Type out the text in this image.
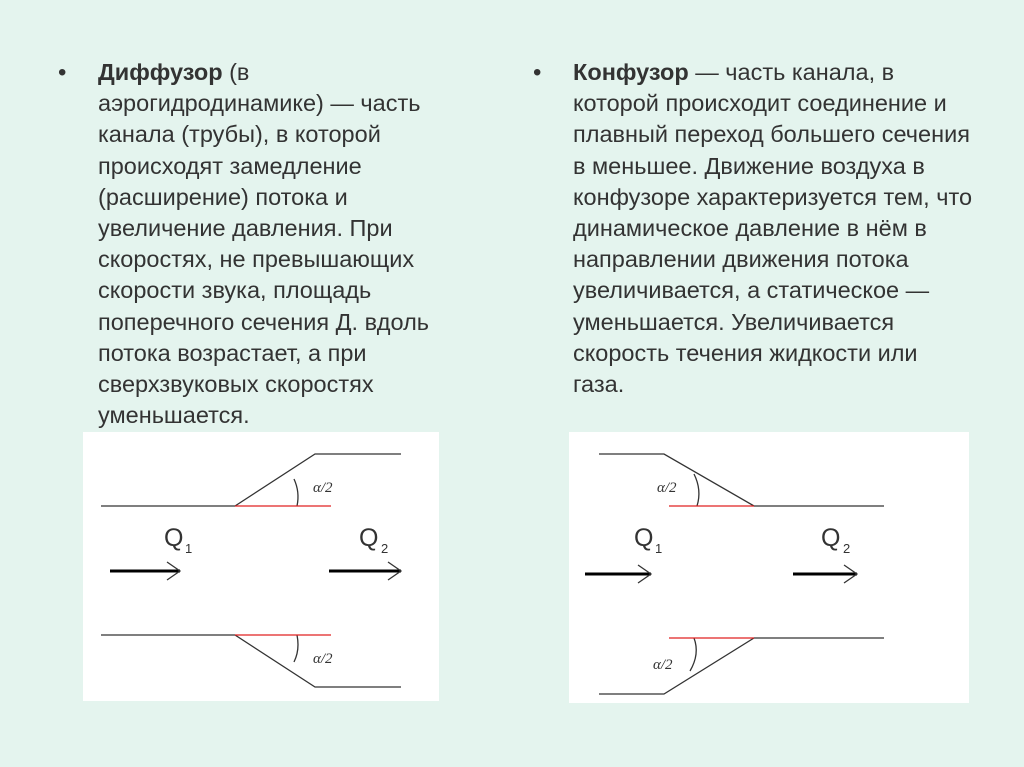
• Диффузор (в аэрогидродинамике) — часть канала (трубы), в которой происходят замедление (расширение) потока и увеличение давления. При скоростях, не превышающих скорости звука, площадь поперечного сечения Д. вдоль потока возрастает, а при сверхзвуковых скоростях уменьшается.
• Конфузор — часть канала, в которой происходит соединение и плавный переход большего сечения в меньшее. Движение воздуха в конфузоре характеризуется тем, что динамическое давление в нём в направлении движения потока увеличивается, а статическое — уменьшается. Увеличивается скорость течения жидкости или газа.
α/2
α/2
Q 1	Q 2
α/2
α/2
Q 1	Q 2
